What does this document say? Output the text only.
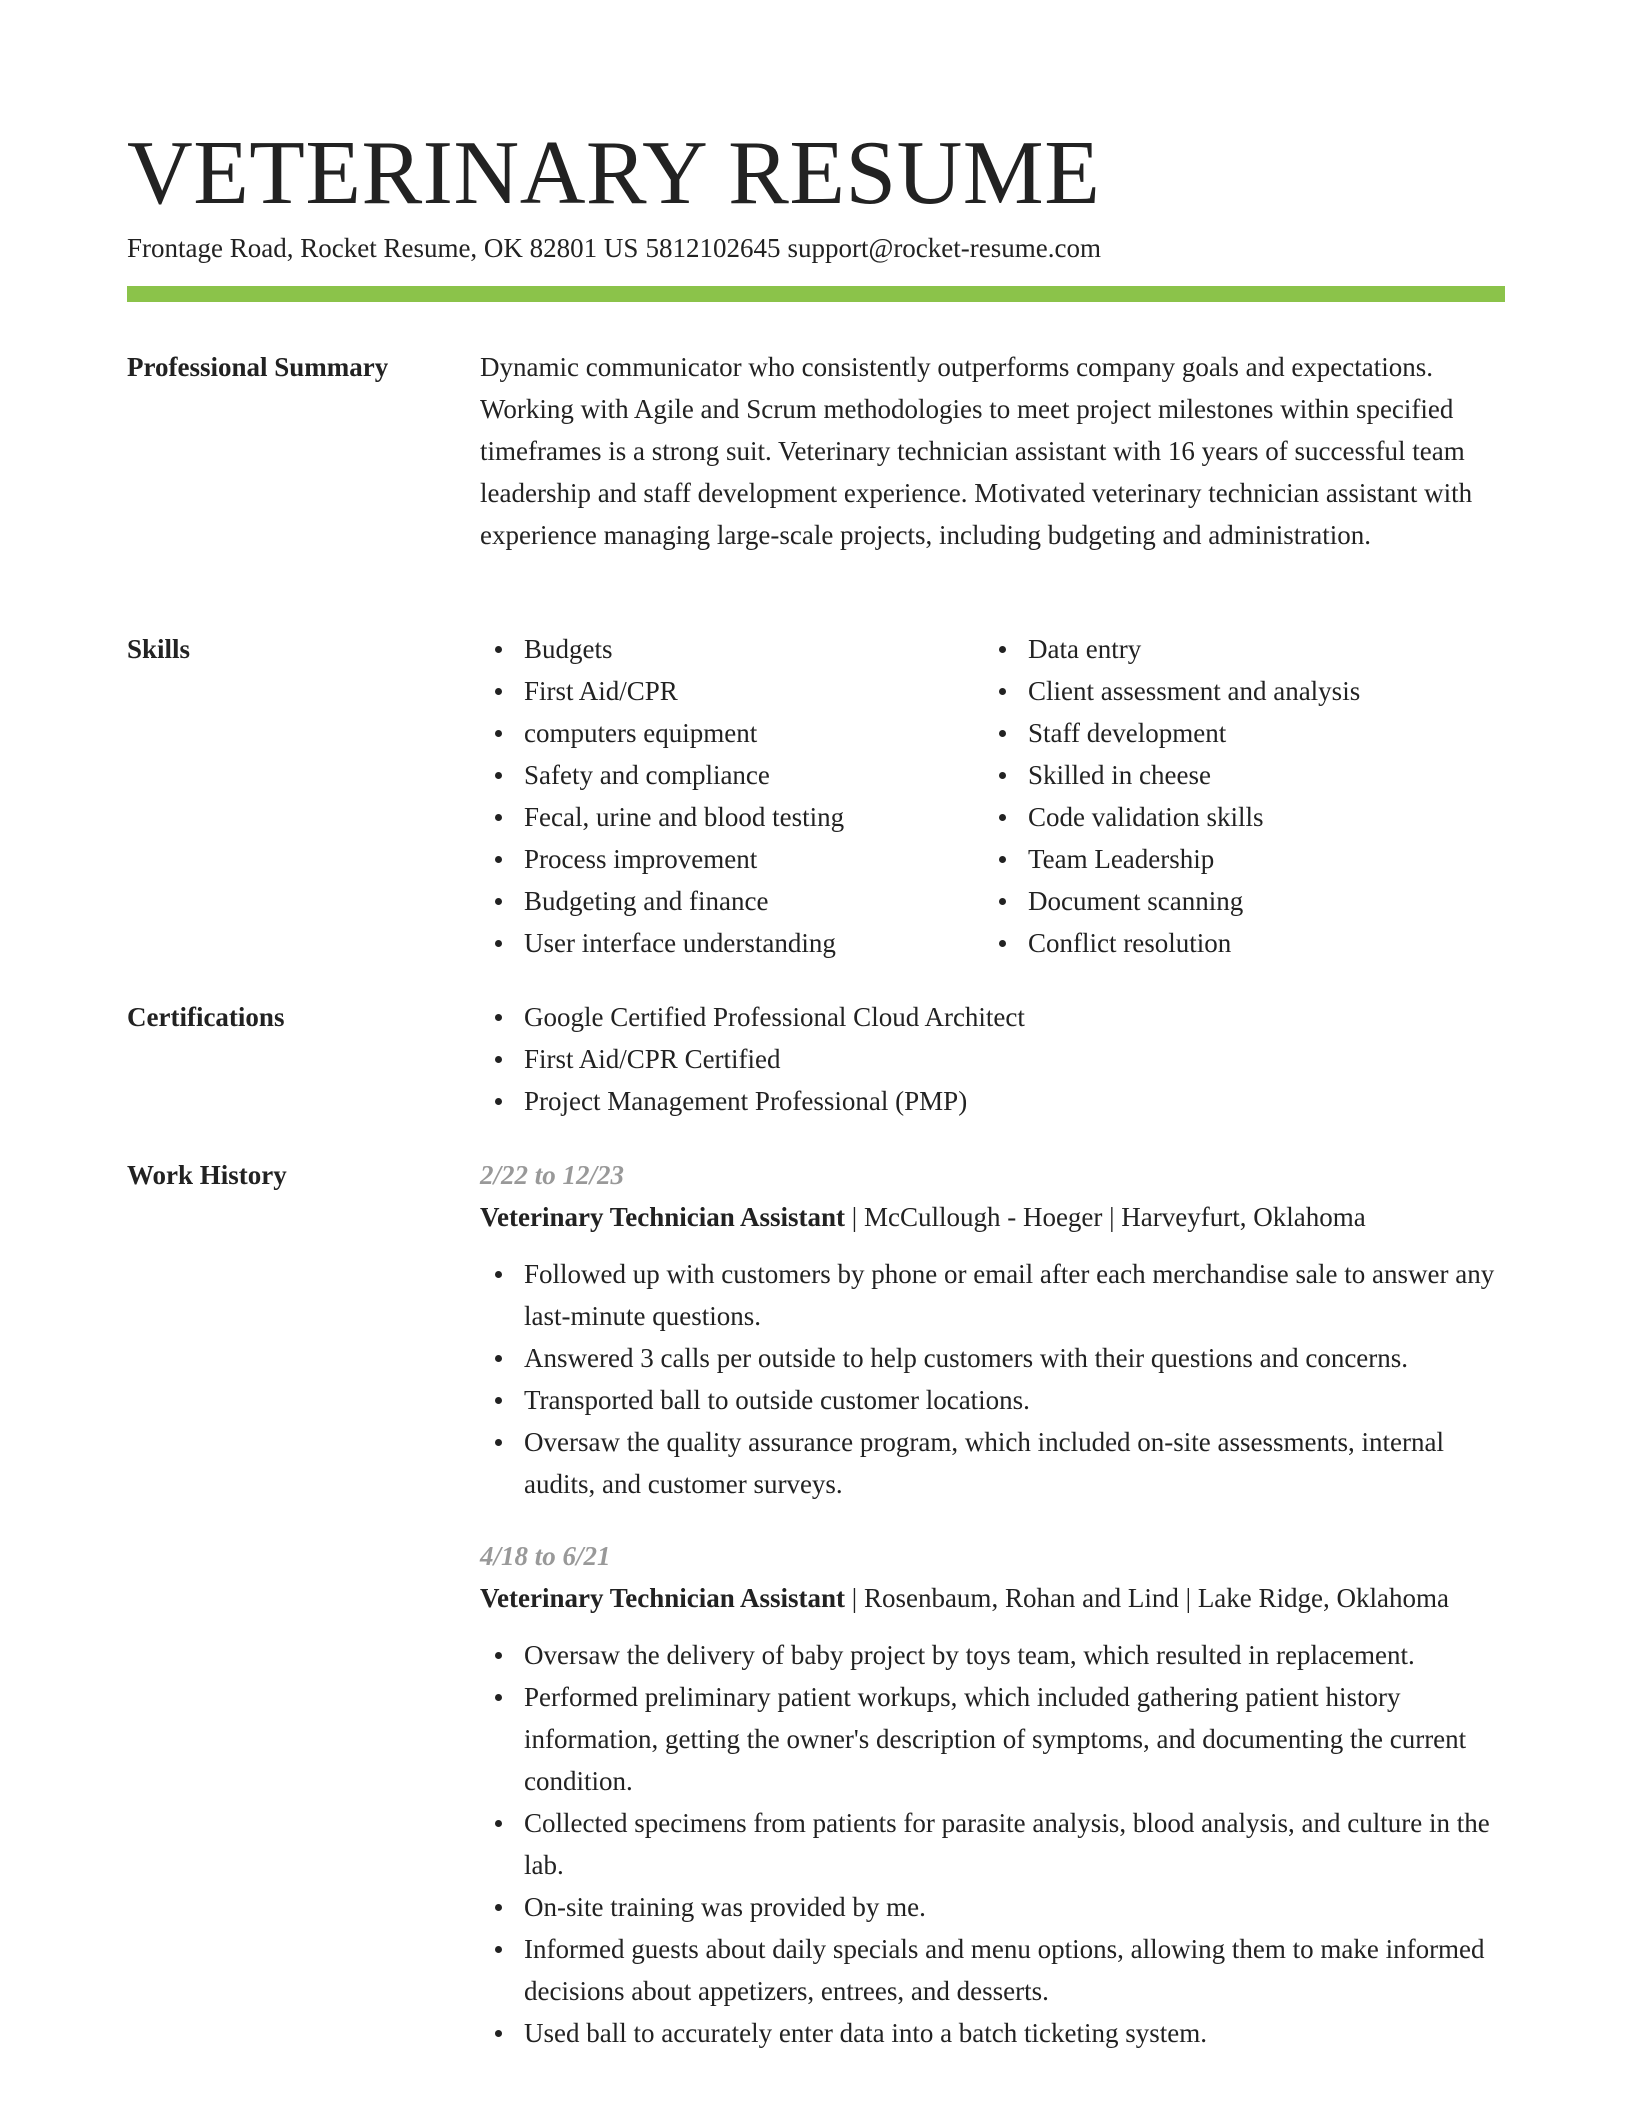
VETERINARY RESUME
Frontage Road, Rocket Resume, OK 82801 US 5812102645 support@rocket-resume.com
Professional Summary	Dynamic communicator who consistently outperforms company goals and expectations. Working with Agile and Scrum methodologies to meet project milestones within specified timeframes is a strong suit. Veterinary technician assistant with 16 years of successful team leadership and staff development experience. Motivated veterinary technician assistant with experience managing large-scale projects, including budgeting and administration.

Skills	Budgets
First Aid/CPR
computers equipment
Safety and compliance
Fecal, urine and blood testing
Process improvement
Budgeting and finance
User interface understanding
Data entry
Client assessment and analysis
Staff development
Skilled in cheese
Code validation skills
Team Leadership
Document scanning
Conflict resolution
Certifications	Google Certified Professional Cloud Architect
First Aid/CPR Certified
Project Management Professional (PMP)
Work History	2/22 to 12/23
Veterinary Technician Assistant | McCullough - Hoeger | Harveyfurt, Oklahoma
Followed up with customers by phone or email after each merchandise sale to answer any last-minute questions.
Answered 3 calls per outside to help customers with their questions and concerns.
Transported ball to outside customer locations.
Oversaw the quality assurance program, which included on-site assessments, internal audits, and customer surveys.
4/18 to 6/21
Veterinary Technician Assistant | Rosenbaum, Rohan and Lind | Lake Ridge, Oklahoma
Oversaw the delivery of baby project by toys team, which resulted in replacement.
Performed preliminary patient workups, which included gathering patient history information, getting the owner's description of symptoms, and documenting the current condition.
Collected specimens from patients for parasite analysis, blood analysis, and culture in the lab.
On-site training was provided by me.
Informed guests about daily specials and menu options, allowing them to make informed decisions about appetizers, entrees, and desserts.
Used ball to accurately enter data into a batch ticketing system.
